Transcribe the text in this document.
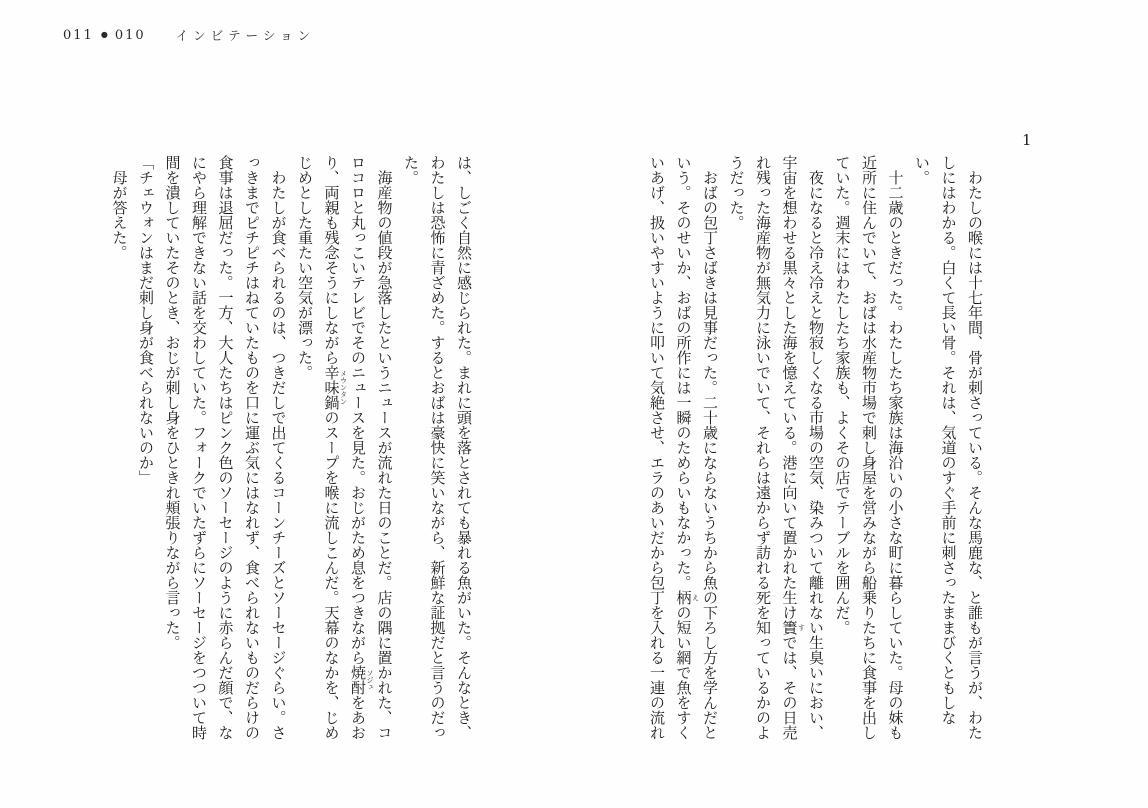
011 ● 010 インビテーション
1

わたしの喉には十七年間、骨が刺さっている。そんな馬鹿な、と誰もが言うが、わたしにはわかる。白くて長い骨。それは、気道のすぐ手前に刺さったままびくともしない。

十二歳のときだった。わたしたち家族は海沿いの小さな町に暮らしていた。母の妹も近所に住んでいて、おばは水産物市場で刺し身屋を営みながら船乗りたちに食事を出していた。週末にはわたしたち家族も、よくその店でテーブルを囲んだ。

夜になると冷え冷えと物寂しくなる市場の空気、染みついて離れない生臭いにおい、宇宙を想わせる黒々とした海を憶えている。港に向いて置かれた生け簀 すでは、その日売れ残った海産物が無気力に泳いでいて、それらは遠からず訪れる死を知っているかのようだった。

おばの包丁さばきは見事だった。二十歳にならないうちから魚の下ろし方を学んだという。そのせいか、おばの所作には一瞬のためらいもなかった。柄 えの短い網で魚をすくいあげ、扱いやすいように叩いて気絶させ、エラのあいだから包丁を入れる一連の流れ

は、しごく自然に感じられた。まれに頭を落とされても暴れる魚がいた。そんなとき、わたしは恐怖に青ざめた。するとおばは豪快に笑いながら、新鮮な証拠だと言うのだった。

海産物の値段が急落したというニュースが流れた日のことだ。店の隅に置かれた、コロコロと丸っこいテレビでそのニュースを見た。おじがため息をつきながら焼酎 ソジュをあおり、両親も残念そうにしながら辛味鍋 メウンタンのスープを喉に流しこんだ。天幕のなかを、じめじめとした重たい空気が漂った。

わたしが食べられるのは、つきだしで出てくるコーンチーズとソーセージぐらい。さっきまでピチピチはねていたものを口に運ぶ気にはなれず、食べられないものだらけの食事は退屈だった。一方、大人たちはピンク色のソーセージのように赤らんだ顔で、なにやら理解できない話を交わしていた。フォークでいたずらにソーセージをつついて時間を潰していたそのとき、おじが刺し身をひときれ頬張りながら言った。

「チェウォンはまだ刺し身が食べられないのか」

母が答えた。
